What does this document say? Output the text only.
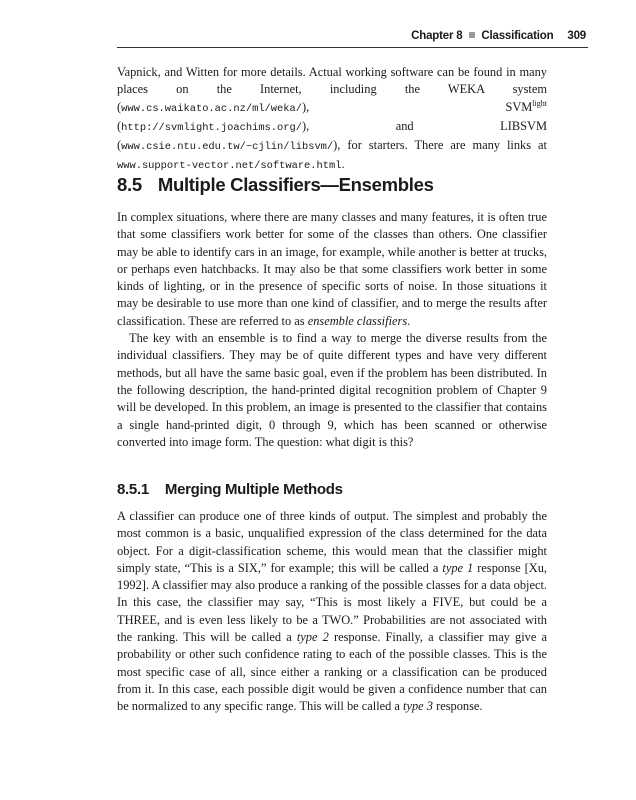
Chapter 8 Classification 309

Vapnick, and Witten for more details. Actual working software can be found in many places on the Internet, including the WEKA system (www.cs.waikato.ac.nz/ml/weka/), $SVM^{light}$ (http://svmlight.joachims.org/), and LIBSVM (www.csie.ntu.edu.tw/~cjlin/libsvm/), for starters. There are many links at www.support-vector.net/software.html.

8.5 Multiple Classifiers—Ensembles

In complex situations, where there are many classes and many features, it is often true that some classifiers work better for some of the classes than others. One classifier may be able to identify cars in an image, for example, while another is better at trucks, or perhaps even hatchbacks. It may also be that some classifiers work better in some kinds of lighting, or in the presence of specific sorts of noise. In those situations it may be desirable to use more than one kind of classifier, and to merge the results after classification. These are referred to as ensemble classifiers.

The key with an ensemble is to find a way to merge the diverse results from the individual classifiers. They may be of quite different types and have very different methods, but all have the same basic goal, even if the problem has been distributed. In the following description, the hand-printed digital recognition problem of Chapter 9 will be developed. In this problem, an image is presented to the classifier that contains a single hand-printed digit, 0 through 9, which has been scanned or otherwise converted into image form. The question: what digit is this?

8.5.1 Merging Multiple Methods

A classifier can produce one of three kinds of output. The simplest and probably the most common is a basic, unqualified expression of the class determined for the data object. For a digit-classification scheme, this would mean that the classifier might simply state, “This is a SIX,” for example; this will be called a type 1 response [Xu, 1992]. A classifier may also produce a ranking of the possible classes for a data object. In this case, the classifier may say, “This is most likely a FIVE, but could be a THREE, and is even less likely to be a TWO.” Probabilities are not associated with the ranking. This will be called a type 2 response. Finally, a classifier may give a probability or other such confidence rating to each of the possible classes. This is the most specific case of all, since either a ranking or a classification can be produced from it. In this case, each possible digit would be given a confidence number that can be normalized to any specific range. This will be called a type 3 response.
